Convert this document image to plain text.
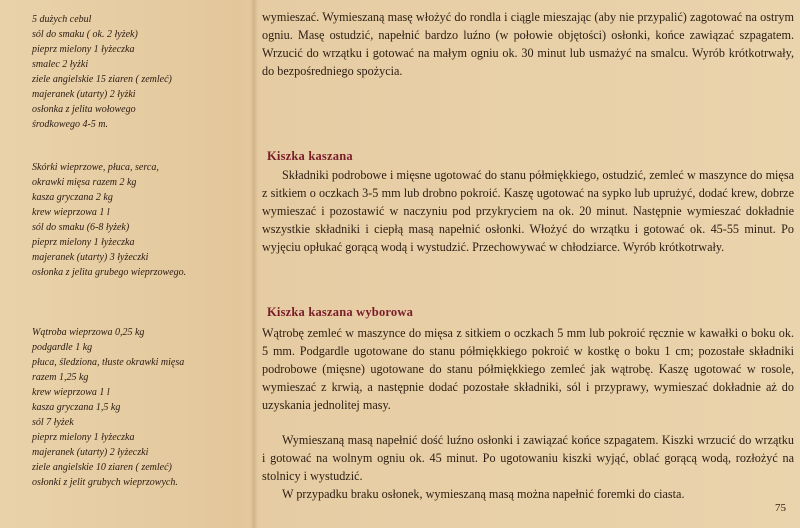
5 dużych cebul
sól do smaku ( ok. 2 łyżek)
pieprz mielony 1 łyżeczka
smalec 2 łyżki
ziele angielskie 15 ziaren ( zemleć)
majeranek (utarty) 2 łyżki
osłonka z jelita wołowego
środkowego 4-5 m.
Skórki wieprzowe, płuca, serca,
okrawki mięsa razem 2 kg
kasza gryczana 2 kg
krew wieprzowa 1 l
sól do smaku (6-8 łyżek)
pieprz mielony 1 łyżeczka
majeranek (utarty) 3 łyżeczki
osłonka z jelita grubego wieprzowego.
Wątroba wieprzowa 0,25 kg
podgardle 1 kg
płuca, śledziona, tłuste okrawki mięsa
razem 1,25 kg
krew wieprzowa 1 l
kasza gryczana 1,5 kg
sól 7 łyżek
pieprz mielony 1 łyżeczka
majeranek (utarty) 2 łyżeczki
ziele angielskie 10 ziaren ( zemleć)
osłonki z jelit grubych wieprzowych.

wymieszać. Wymieszaną masę włożyć do rondla i ciągle mieszając (aby nie przypalić) zagotować na ostrym ogniu. Masę ostudzić, napełnić bardzo luźno (w połowie objętości) osłonki, końce zawiązać szpagatem. Wrzucić do wrzątku i gotować na małym ogniu ok. 30 minut lub usmażyć na smalcu. Wyrób krótkotrwały, do bezpośredniego spożycia.

Kiszka kaszana

Składniki podrobowe i mięsne ugotować do stanu półmiękkiego, ostudzić, zemleć w maszynce do mięsa z sitkiem o oczkach 3-5 mm lub drobno pokroić. Kaszę ugotować na sypko lub uprużyć, dodać krew, dobrze wymieszać i pozostawić w naczyniu pod przykryciem na ok. 20 minut. Następnie wymieszać dokładnie wszystkie składniki i ciepłą masą napełnić osłonki. Włożyć do wrzątku i gotować ok. 45-55 minut. Po wyjęciu opłukać gorącą wodą i wystudzić. Przechowywać w chłodziarce. Wyrób krótkotrwały.

Kiszka kaszana wyborowa

Wątrobę zemleć w maszynce do mięsa z sitkiem o oczkach 5 mm lub pokroić ręcznie w kawałki o boku ok. 5 mm. Podgardle ugotowane do stanu półmiękkiego pokroić w kostkę o boku 1 cm; pozostałe składniki podrobowe (mięsne) ugotowane do stanu półmiękkiego zemleć jak wątrobę. Kaszę ugotować w rosole, wymieszać z krwią, a następnie dodać pozostałe składniki, sól i przyprawy, wymieszać dokładnie aż do uzyskania jednolitej masy.

Wymieszaną masą napełnić dość luźno osłonki i zawiązać końce szpagatem. Kiszki wrzucić do wrzątku i gotować na wolnym ogniu ok. 45 minut. Po ugotowaniu kiszki wyjąć, oblać gorącą wodą, rozłożyć na stolnicy i wystudzić.

W przypadku braku osłonek, wymieszaną masą można napełnić foremki do ciasta.

75
